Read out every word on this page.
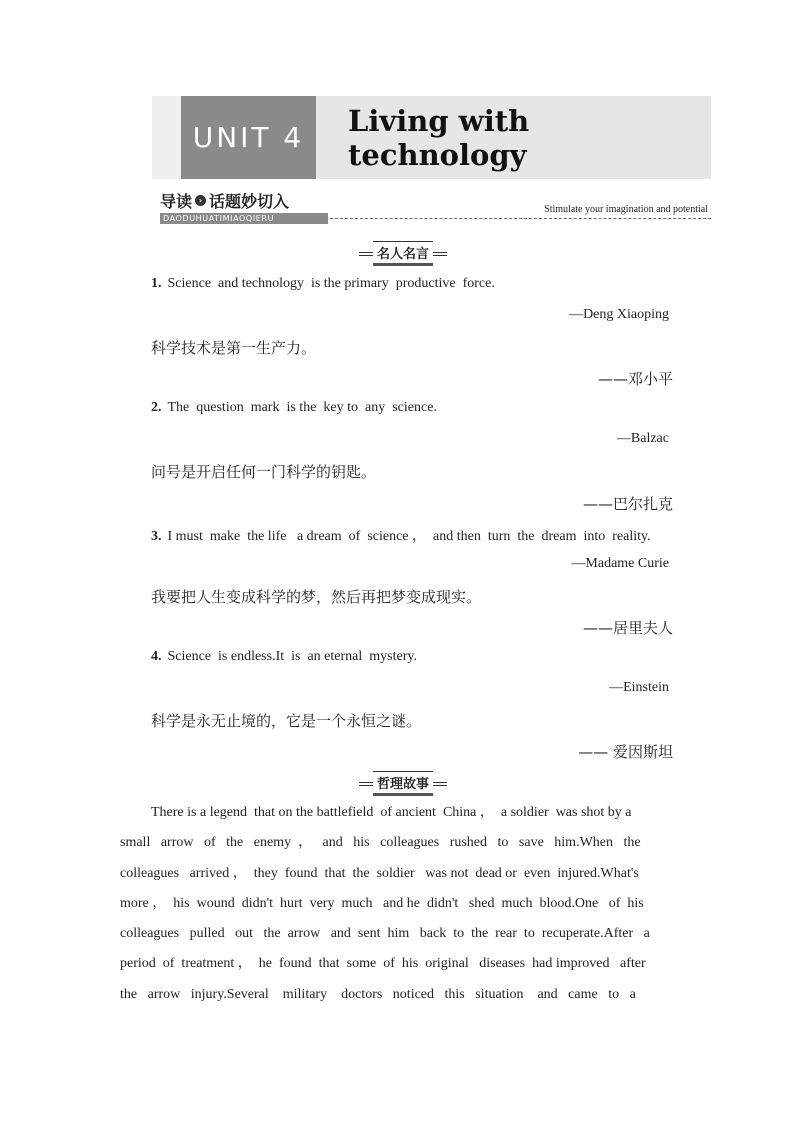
UNIT 4	Living with technology
导读 › 话题妙切入
DAODUHUATIMIAOQIERU
Stimulate your imagination and potential
名人名言
1. Science  and technology  is the primary  productive  force.
—Deng Xiaoping
科学技术是第一生产力。
——邓小平
2. The  question  mark  is the  key to  any  science.
—Balzac
问号是开启任何一门科学的钥匙。
——巴尔扎克
3. I must  make  the life   a dream  of  science ，  and then  turn  the  dream  into  reality.
—Madame Curie
我要把人生变成科学的梦，然后再把梦变成现实。
——居里夫人
4. Science  is endless.It  is  an eternal  mystery.
—Einstein
科学是永无止境的，它是一个永恒之谜。
—— 爱因斯坦
哲理故事
There is a legend  that on the battlefield  of ancient  China ，  a soldier  was shot by a
small   arrow   of   the   enemy  ，   and   his   colleagues   rushed   to   save   him.When   the
colleagues   arrived ，  they  found  that  the  soldier   was not  dead or  even  injured.What's
more ，  his  wound  didn't  hurt  very  much   and he  didn't   shed  much  blood.One   of  his
colleagues   pulled   out   the  arrow   and  sent  him   back  to  the  rear  to  recuperate.After   a
period  of  treatment ，  he  found  that  some  of  his  original   diseases  had improved   after
the   arrow   injury.Several    military    doctors   noticed   this   situation    and   came   to   a
